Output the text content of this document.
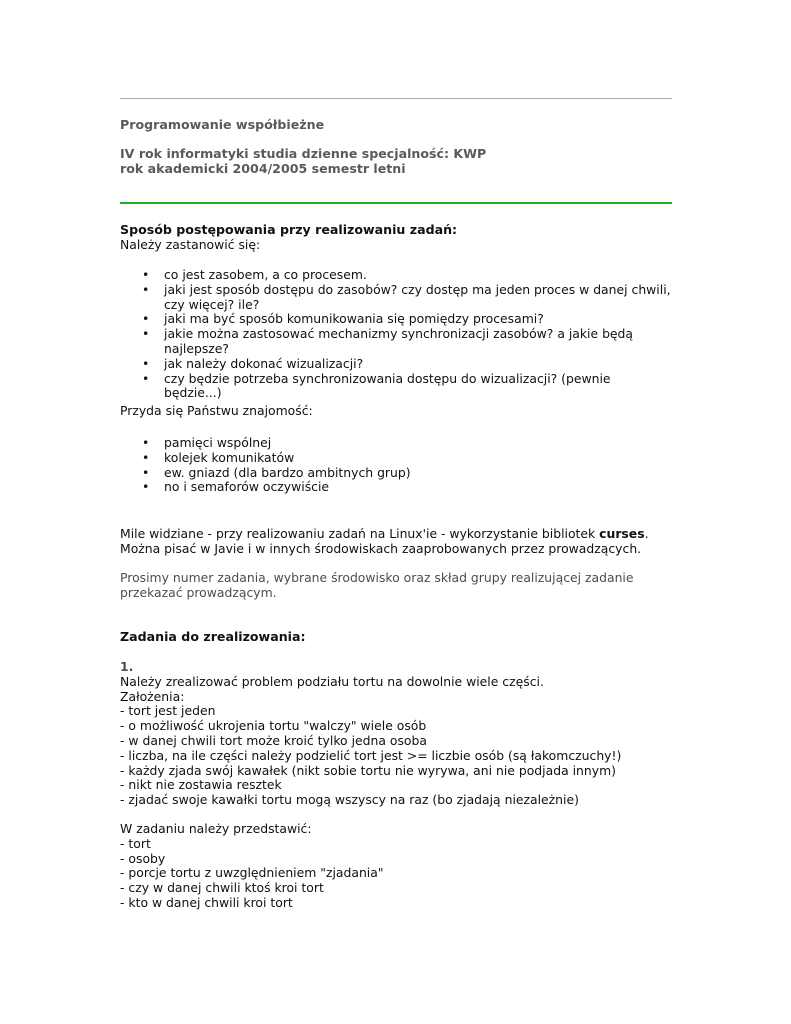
Programowanie współbieżne
IV rok informatyki studia dzienne specjalność: KWP
rok akademicki 2004/2005 semestr letni
Sposób postępowania przy realizowaniu zadań:
Należy zastanowić się:
• co jest zasobem, a co procesem.
• jaki jest sposób dostępu do zasobów? czy dostęp ma jeden proces w danej chwili, czy więcej? ile?
• jaki ma być sposób komunikowania się pomiędzy procesami?
• jakie można zastosować mechanizmy synchronizacji zasobów? a jakie będą najlepsze?
• jak należy dokonać wizualizacji?
• czy będzie potrzeba synchronizowania dostępu do wizualizacji? (pewnie będzie...)
Przyda się Państwu znajomość:
• pamięci wspólnej
• kolejek komunikatów
• ew. gniazd (dla bardzo ambitnych grup)
• no i semaforów oczywiście
Mile widziane - przy realizowaniu zadań na Linux'ie - wykorzystanie bibliotek curses.
Można pisać w Javie i w innych środowiskach zaaprobowanych przez prowadzących.
Prosimy numer zadania, wybrane środowisko oraz skład grupy realizującej zadanie
przekazać prowadzącym.
Zadania do zrealizowania:
1.
Należy zrealizować problem podziału tortu na dowolnie wiele części.
Założenia:
- tort jest jeden
- o możliwość ukrojenia tortu "walczy" wiele osób
- w danej chwili tort może kroić tylko jedna osoba
- liczba, na ile części należy podzielić tort jest >= liczbie osób (są łakomczuchy!)
- każdy zjada swój kawałek (nikt sobie tortu nie wyrywa, ani nie podjada innym)
- nikt nie zostawia resztek
- zjadać swoje kawałki tortu mogą wszyscy na raz (bo zjadają niezależnie)
W zadaniu należy przedstawić:
- tort
- osoby
- porcje tortu z uwzględnieniem "zjadania"
- czy w danej chwili ktoś kroi tort
- kto w danej chwili kroi tort
